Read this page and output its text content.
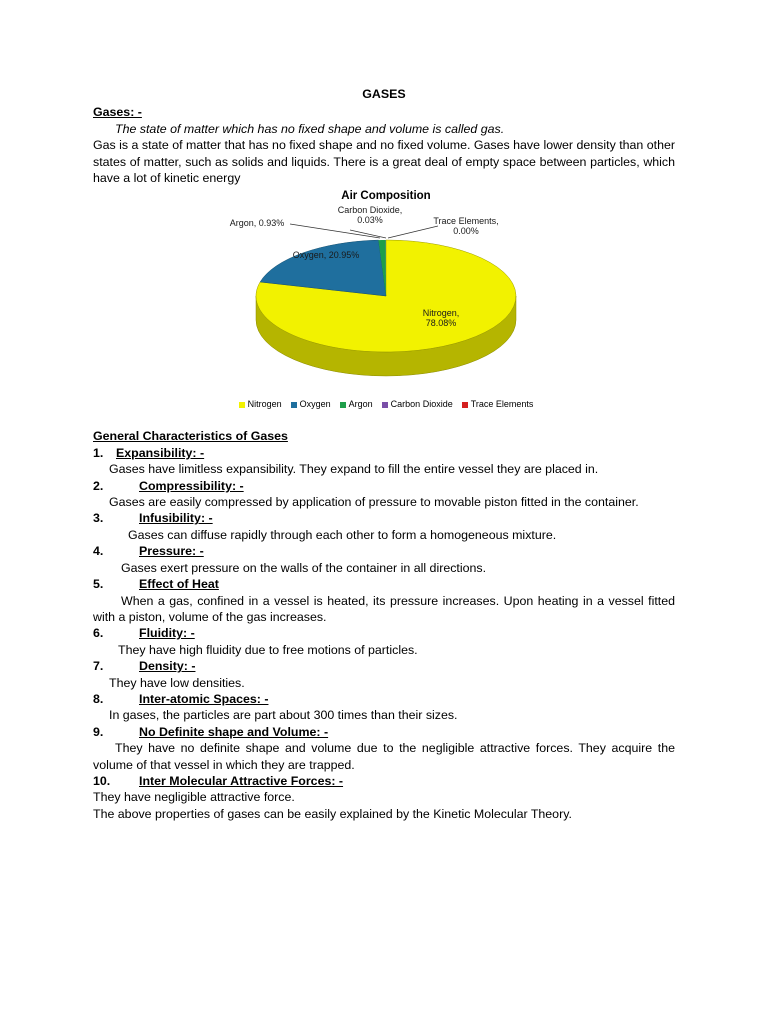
GASES
Gases: -
The state of matter which has no fixed shape and volume is called gas.
Gas is a state of matter that has no fixed shape and no fixed volume. Gases have lower density than other states of matter, such as solids and liquids. There is a great deal of empty space between particles, which have a lot of kinetic energy
Air Composition
Argon, 0.93%
Carbon Dioxide, 0.03%	Trace Elements, 0.00%
Oxygen, 20.95%
Nitrogen, 78.08%
Nitrogen Oxygen Argon Carbon Dioxide Trace Elements
General Characteristics of Gases
1.	Expansibility: -
Gases have limitless expansibility. They expand to fill the entire vessel they are placed in.
2.	Compressibility: -
Gases are easily compressed by application of pressure to movable piston fitted in the container.
3.	Infusibility: -
Gases can diffuse rapidly through each other to form a homogeneous mixture.
4.	Pressure: -
Gases exert pressure on the walls of the container in all directions.
5.	Effect of Heat
When a gas, confined in a vessel is heated, its pressure increases. Upon heating in a vessel fitted with a piston, volume of the gas increases.
6.	Fluidity: -
They have high fluidity due to free motions of particles.
7.	Density: -
They have low densities.
8.	Inter-atomic Spaces: -
In gases, the particles are part about 300 times than their sizes.
9.	No Definite shape and Volume: -
They have no definite shape and volume due to the negligible attractive forces. They acquire the volume of that vessel in which they are trapped.
10.	Inter Molecular Attractive Forces: -
They have negligible attractive force.
The above properties of gases can be easily explained by the Kinetic Molecular Theory.
